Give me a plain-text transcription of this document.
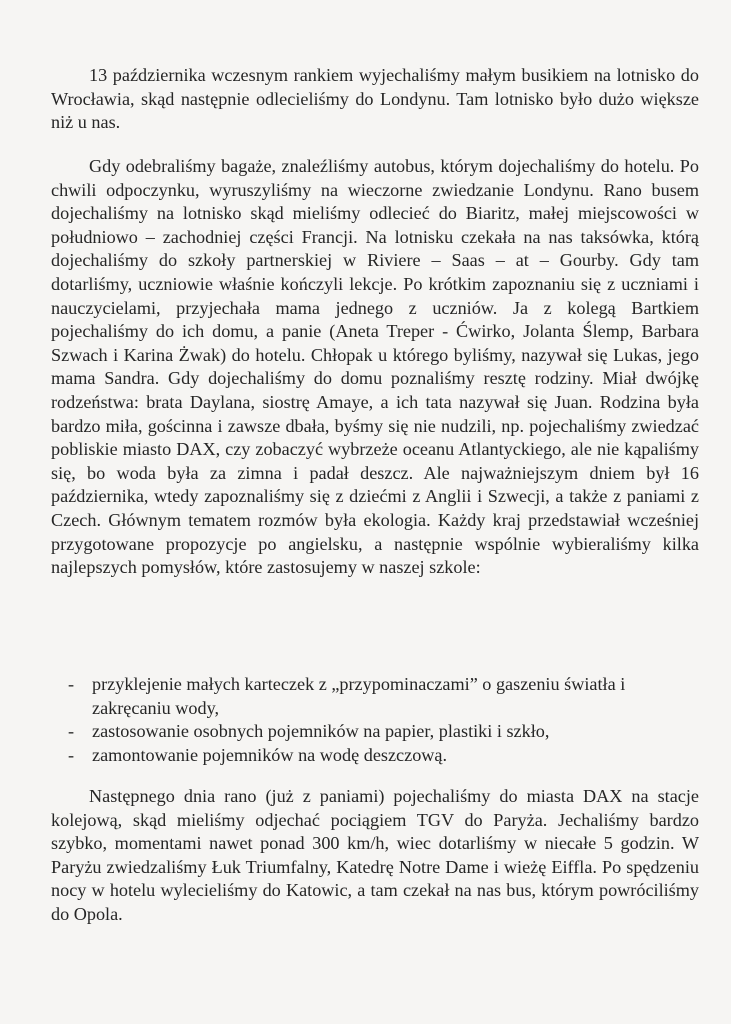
13 października wczesnym rankiem wyjechaliśmy małym busikiem na lotnisko do Wrocławia, skąd następnie odlecieliśmy do Londynu. Tam lotnisko było dużo większe niż u nas.

Gdy odebraliśmy bagaże, znaleźliśmy autobus, którym dojechaliśmy do hotelu. Po chwili odpoczynku, wyruszyliśmy na wieczorne zwiedzanie Londynu. Rano busem dojechaliśmy na lotnisko skąd mieliśmy odlecieć do Biaritz, małej miejscowości w południowo – zachodniej części Francji. Na lotnisku czekała na nas taksówka, którą dojechaliśmy do szkoły partnerskiej w Riviere – Saas – at – Gourby. Gdy tam dotarliśmy, uczniowie właśnie kończyli lekcje. Po krótkim zapoznaniu się z uczniami i nauczycielami, przyjechała mama jednego z uczniów. Ja z kolegą Bartkiem pojechaliśmy do ich domu, a panie (Aneta Treper - Ćwirko, Jolanta Ślemp, Barbara Szwach i Karina Żwak) do hotelu. Chłopak u którego byliśmy, nazywał się Lukas, jego mama Sandra. Gdy dojechaliśmy do domu poznaliśmy resztę rodziny. Miał dwójkę rodzeństwa: brata Daylana, siostrę Amaye, a ich tata nazywał się Juan. Rodzina była bardzo miła, gościnna i zawsze dbała, byśmy się nie nudzili, np. pojechaliśmy zwiedzać pobliskie miasto DAX, czy zobaczyć wybrzeże oceanu Atlantyckiego, ale nie kąpaliśmy się, bo woda była za zimna i padał deszcz. Ale najważniejszym dniem był 16 października, wtedy zapoznaliśmy się z dziećmi z Anglii i Szwecji, a także z paniami z Czech. Głównym tematem rozmów była ekologia. Każdy kraj przedstawiał wcześniej przygotowane propozycje po angielsku, a następnie wspólnie wybieraliśmy kilka najlepszych pomysłów, które zastosujemy w naszej szkole:

- przyklejenie małych karteczek z „przypominaczami” o gaszeniu światła i zakręcaniu wody,
- zastosowanie osobnych pojemników na papier, plastiki i szkło,
- zamontowanie pojemników na wodę deszczową.

Następnego dnia rano (już z paniami) pojechaliśmy do miasta DAX na stacje kolejową, skąd mieliśmy odjechać pociągiem TGV do Paryża. Jechaliśmy bardzo szybko, momentami nawet ponad 300 km/h, wiec dotarliśmy w niecałe 5 godzin. W Paryżu zwiedzaliśmy Łuk Triumfalny, Katedrę Notre Dame i wieżę Eiffla. Po spędzeniu nocy w hotelu wylecieliśmy do Katowic, a tam czekał na nas bus, którym powróciliśmy do Opola.
